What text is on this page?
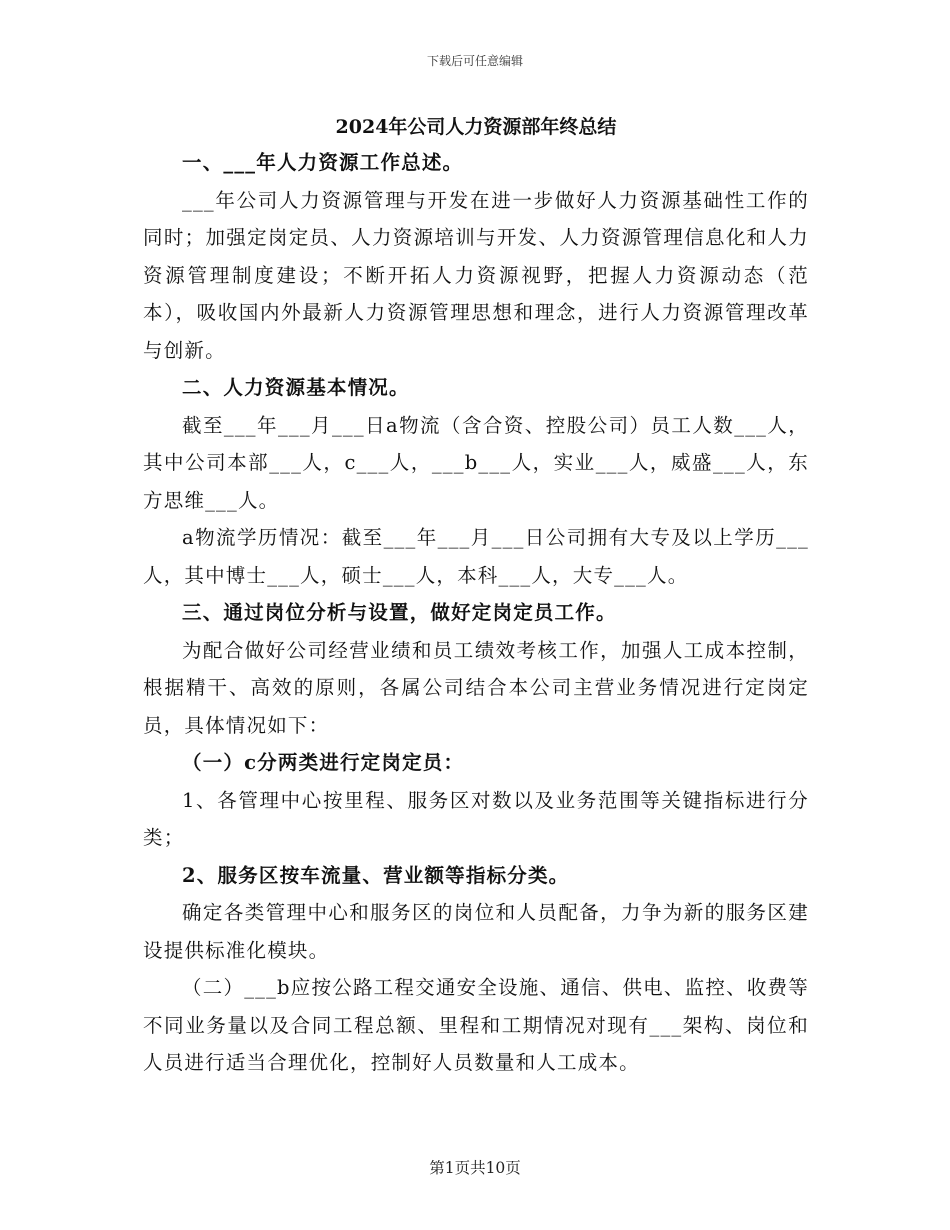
下载后可任意编辑
2024年公司人力资源部年终总结

一、___年人力资源工作总述。

___年公司人力资源管理与开发在进一步做好人力资源基础性工作的同时；加强定岗定员、人力资源培训与开发、人力资源管理信息化和人力资源管理制度建设；不断开拓人力资源视野，把握人力资源动态（范本），吸收国内外最新人力资源管理思想和理念，进行人力资源管理改革与创新。

二、人力资源基本情况。

截至___年___月___日a物流（含合资、控股公司）员工人数___人，其中公司本部___人，c___人，___b___人，实业___人，威盛___人，东方思维___人。

a物流学历情况：截至___年___月___日公司拥有大专及以上学历___人，其中博士___人，硕士___人，本科___人，大专___人。

三、通过岗位分析与设置，做好定岗定员工作。

为配合做好公司经营业绩和员工绩效考核工作，加强人工成本控制，根据精干、高效的原则，各属公司结合本公司主营业务情况进行定岗定员，具体情况如下：

（一）c分两类进行定岗定员：

1、各管理中心按里程、服务区对数以及业务范围等关键指标进行分类；

2、服务区按车流量、营业额等指标分类。

确定各类管理中心和服务区的岗位和人员配备，力争为新的服务区建设提供标准化模块。

（二）___b应按公路工程交通安全设施、通信、供电、监控、收费等不同业务量以及合同工程总额、里程和工期情况对现有___架构、岗位和人员进行适当合理优化，控制好人员数量和人工成本。

第1页共10页
